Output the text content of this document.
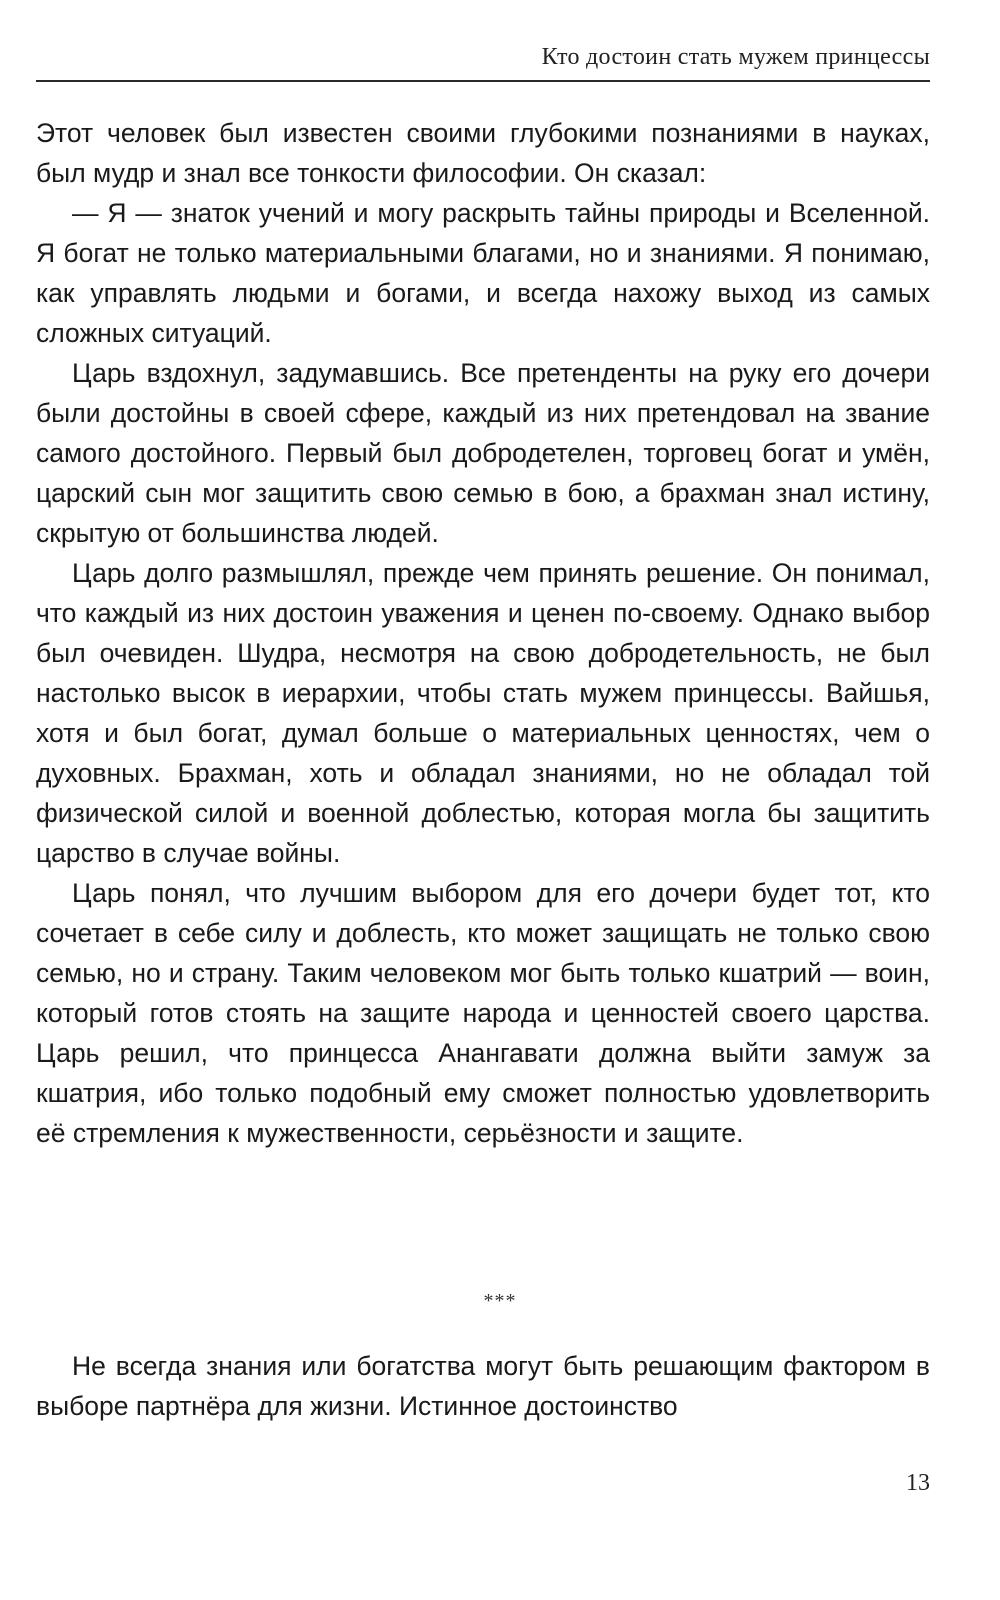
Кто достоин стать мужем принцессы

Этот человек был известен своими глубокими познаниями в науках, был мудр и знал все тонкости философии. Он сказал:

— Я — знаток учений и могу раскрыть тайны природы и Вселенной. Я богат не только материальными благами, но и знаниями. Я понимаю, как управлять людьми и богами, и всегда нахожу выход из самых сложных ситуаций.

Царь вздохнул, задумавшись. Все претенденты на руку его дочери были достойны в своей сфере, каждый из них претендовал на звание самого достойного. Первый был добродетелен, торговец богат и умён, царский сын мог защитить свою семью в бою, а брахман знал истину, скрытую от большинства людей.

Царь долго размышлял, прежде чем принять решение. Он понимал, что каждый из них достоин уважения и ценен по-своему. Однако выбор был очевиден. Шудра, несмотря на свою добродетельность, не был настолько высок в иерархии, чтобы стать мужем принцессы. Вайшья, хотя и был богат, думал больше о материальных ценностях, чем о духовных. Брахман, хоть и обладал знаниями, но не обладал той физической силой и военной доблестью, которая могла бы защитить царство в случае войны.

Царь понял, что лучшим выбором для его дочери будет тот, кто сочетает в себе силу и доблесть, кто может защищать не только свою семью, но и страну. Таким человеком мог быть только кшатрий — воин, который готов стоять на защите народа и ценностей своего царства. Царь решил, что принцесса Анангавати должна выйти замуж за кшатрия, ибо только подобный ему сможет полностью удовлетворить её стремления к мужественности, серьёзности и защите.

***

Не всегда знания или богатства могут быть решающим фактором в выборе партнёра для жизни. Истинное достоинство

13
